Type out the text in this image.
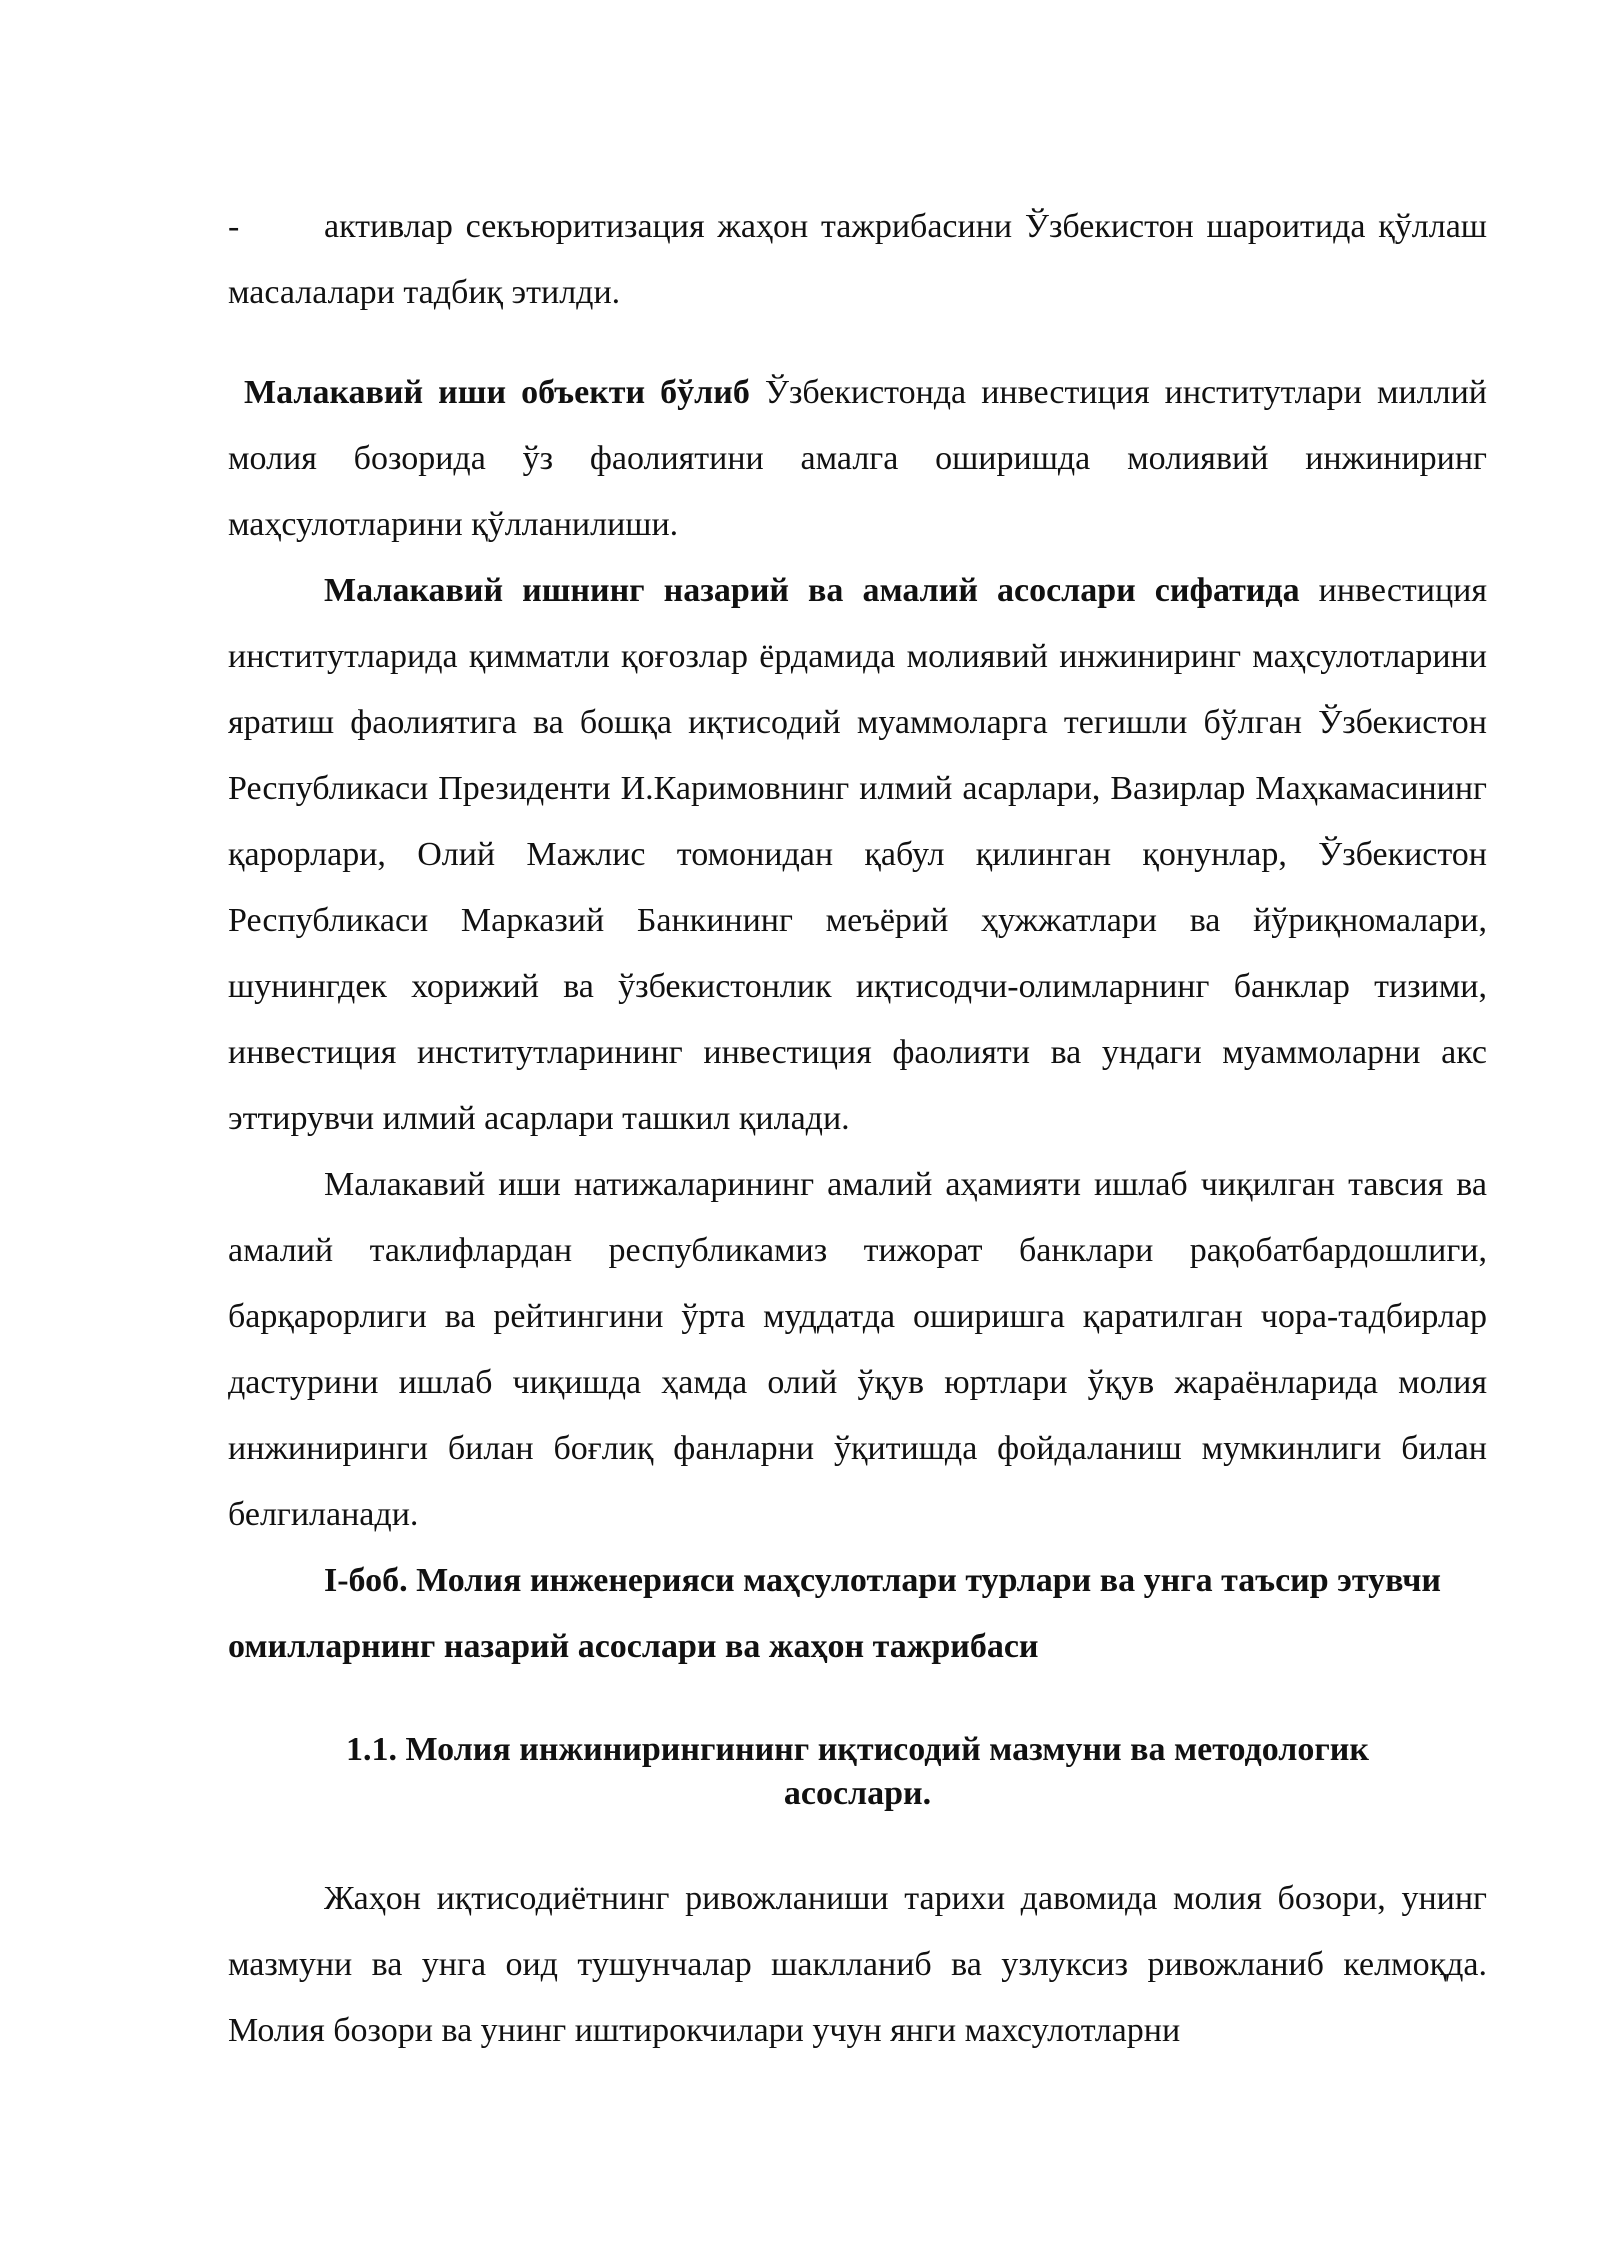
- активлар секъюритизация жаҳон тажрибасини Ўзбекистон шароитида қўллаш масалалари тадбиқ этилди.

Малакавий иши объекти бўлиб Ўзбекистонда инвестиция институтлари миллий молия бозорида ўз фаолиятини амалга оширишда молиявий инжиниринг маҳсулотларини қўлланилиши.

Малакавий ишнинг назарий ва амалий асослари сифатида инвестиция институтларида қимматли қоғозлар ёрдамида молиявий инжиниринг маҳсулотларини яратиш фаолиятига ва бошқа иқтисодий муаммоларга тегишли бўлган Ўзбекистон Республикаси Президенти И.Каримовнинг илмий асарлари, Вазирлар Маҳкамасининг қарорлари, Олий Мажлис томонидан қабул қилинган қонунлар, Ўзбекистон Республикаси Марказий Банкининг меъёрий ҳужжатлари ва йўриқномалари, шунингдек хорижий ва ўзбекистонлик иқтисодчи-олимларнинг банклар тизими, инвестиция институтларининг инвестиция фаолияти ва ундаги муаммоларни акс эттирувчи илмий асарлари ташкил қилади.

Малакавий иши натижаларининг амалий аҳамияти ишлаб чиқилган тавсия ва амалий таклифлардан республикамиз тижорат банклари рақобатбардошлиги, барқарорлиги ва рейтингини ўрта муддатда оширишга қаратилган чора-тадбирлар дастурини ишлаб чиқишда ҳамда олий ўқув юртлари ўқув жараёнларида молия инжиниринги билан боғлиқ фанларни ўқитишда фойдаланиш мумкинлиги билан белгиланади.

I-боб. Молия инженерияси маҳсулотлари турлари ва унга таъсир этувчи омилларнинг назарий асослари ва жаҳон тажрибаси

1.1. Молия инжинирингининг иқтисодий мазмуни ва методологик асослари.

Жаҳон иқтисодиётнинг ривожланиши тарихи давомида молия бозори, унинг мазмуни ва унга оид тушунчалар шаклланиб ва узлуксиз ривожланиб келмоқда. Молия бозори ва унинг иштирокчилари учун янги махсулотларни
